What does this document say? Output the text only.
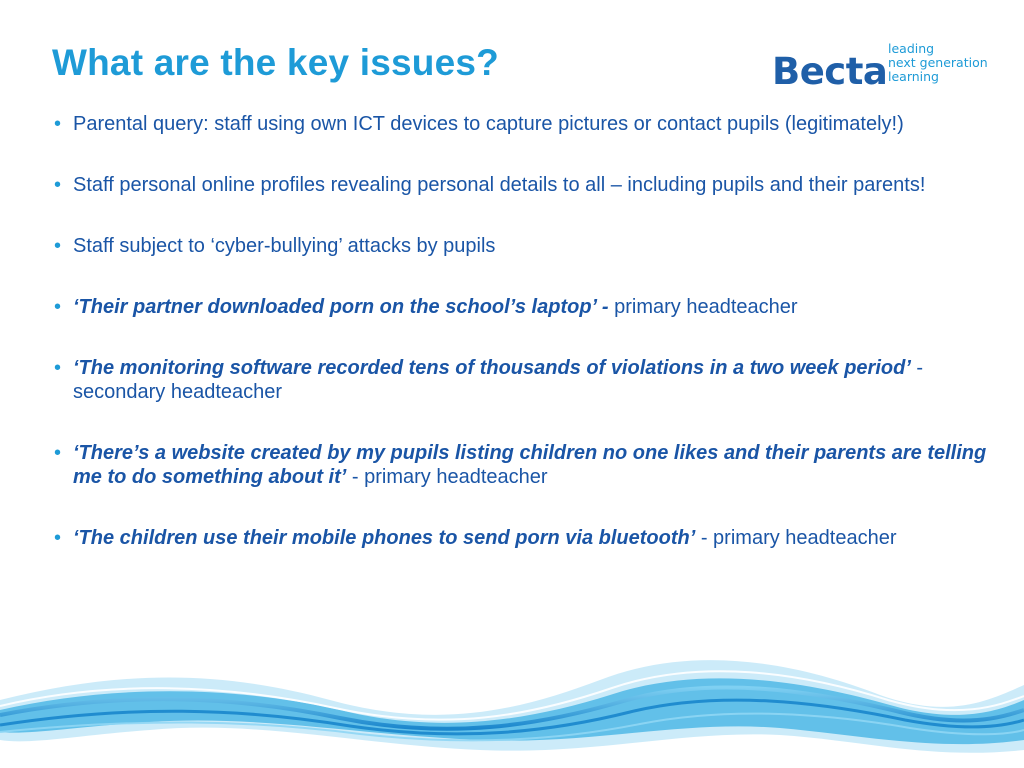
What are the key issues?	Becta
leading
next generation
learning
• Parental query: staff using own ICT devices to capture pictures or contact pupils (legitimately!)
• Staff personal online profiles revealing personal details to all – including pupils and their parents!
• Staff subject to ‘cyber-bullying’ attacks by pupils
• ‘Their partner downloaded porn on the school’s laptop’ - primary headteacher
• ‘The monitoring software recorded tens of thousands of violations in a two week period’ - secondary headteacher
• ‘There’s a website created by my pupils listing children no one likes and their parents are telling me to do something about it’ - primary headteacher
• ‘The children use their mobile phones to send porn via bluetooth’ - primary headteacher
